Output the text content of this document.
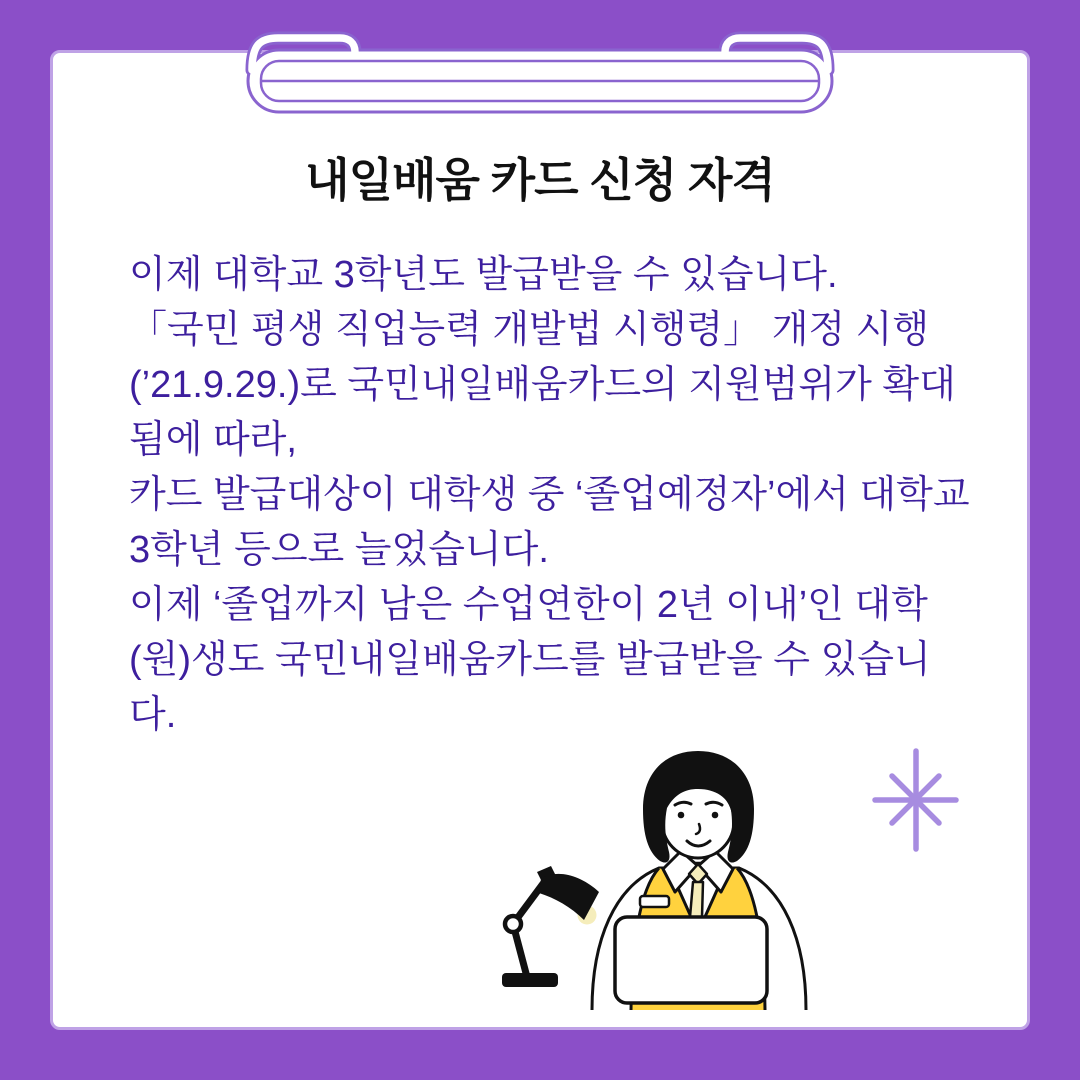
내일배움 카드 신청 자격
이제 대학교 3학년도 발급받을 수 있습니다.
「국민 평생 직업능력 개발법 시행령」 개정 시행
(’21.9.29.)로 국민내일배움카드의 지원범위가 확대
됨에 따라,
카드 발급대상이 대학생 중 ‘졸업예정자’에서 대학교
3학년 등으로 늘었습니다.
이제 ‘졸업까지 남은 수업연한이 2년 이내’인 대학
(원)생도 국민내일배움카드를 발급받을 수 있습니
다.
